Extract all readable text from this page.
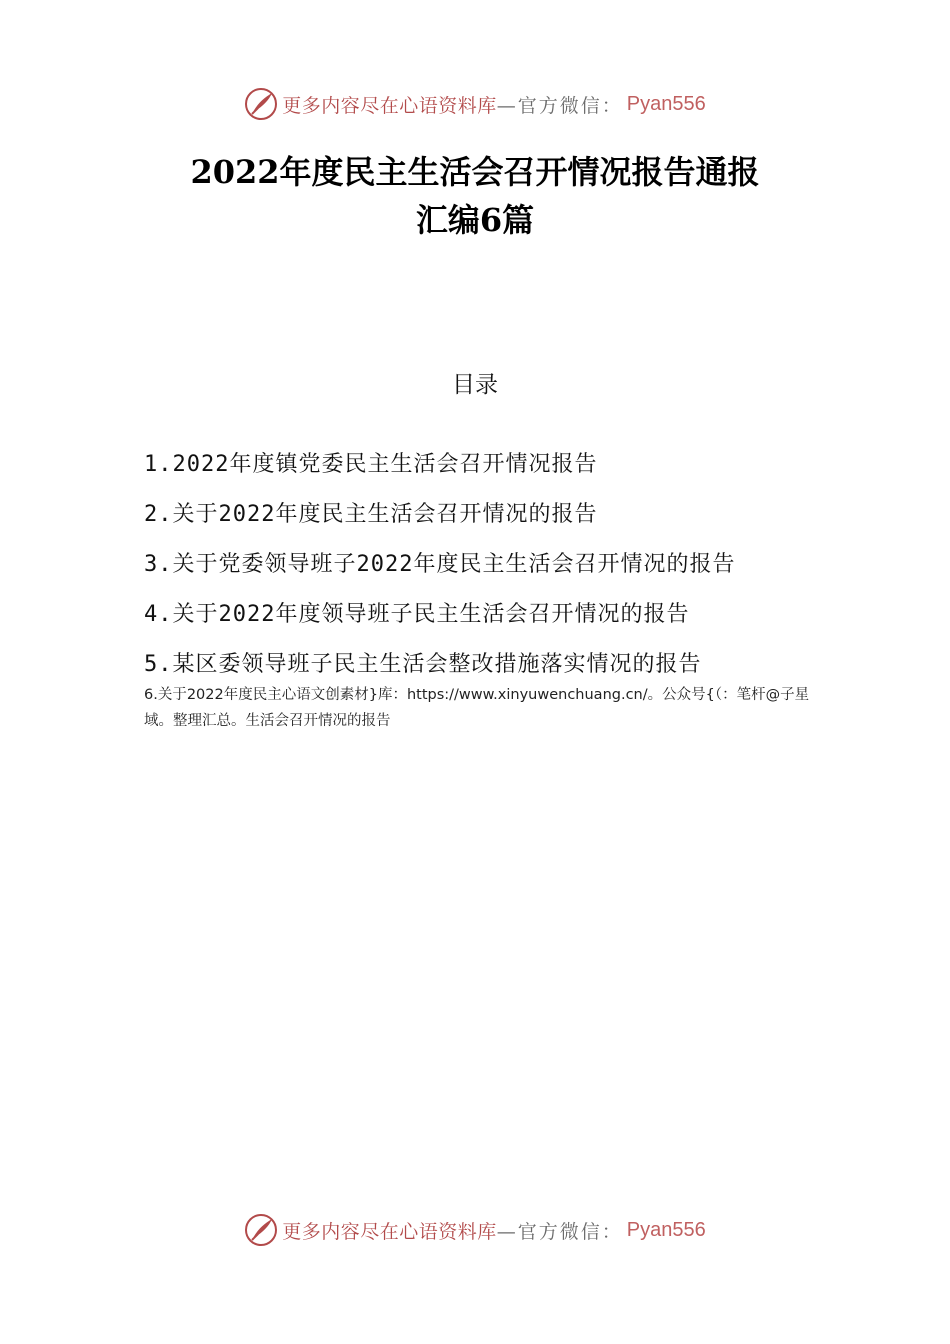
更多内容尽在心语资料库 —官方微信： Pyan556
2022年度民主生活会召开情况报告通报
汇编6篇
目录
1.2022年度镇党委民主生活会召开情况报告
2.关于2022年度民主生活会召开情况的报告
3.关于党委领导班子2022年度民主生活会召开情况的报告
4.关于2022年度领导班子民主生活会召开情况的报告
5.某区委领导班子民主生活会整改措施落实情况的报告
6.关于2022年度民主心语文创素材}库：https://www.xinyuwenchuang.cn/。公众号{（：笔杆@子星域。整理汇总。生活会召开情况的报告
更多内容尽在心语资料库 —官方微信： Pyan556
